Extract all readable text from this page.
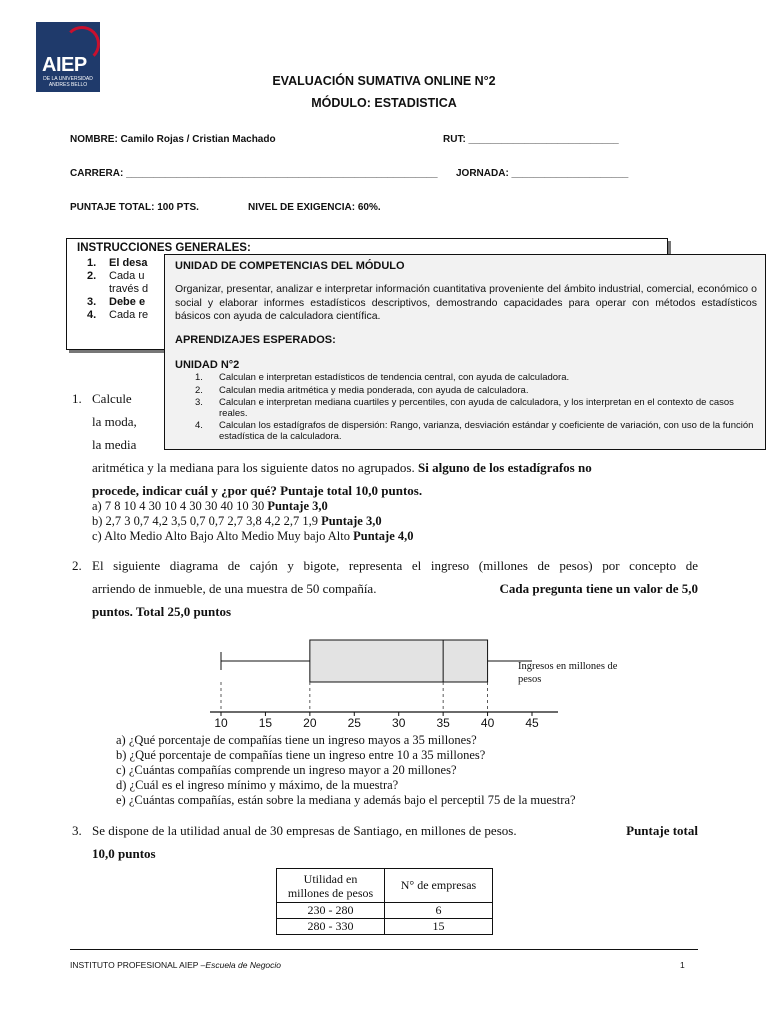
AIEP
DE LA UNIVERSIDAD ANDRES BELLO	EVALUACIÓN SUMATIVA ONLINE N°2
MÓDULO: ESTADISTICA
NOMBRE: Camilo Rojas / Cristian Machado	RUT: ___________________________
CARRERA: ________________________________________________________ JORNADA: _____________________
PUNTAJE TOTAL: 100 PTS.	NIVEL DE EXIGENCIA: 60%.
INSTRUCCIONES GENERALES:
1. El desa
2. Cada u
través d
3. Debe e
4. Cada re
1. Calcule
la moda,
la media
UNIDAD DE COMPETENCIAS DEL MÓDULO
Organizar, presentar, analizar e interpretar información cuantitativa proveniente del ámbito industrial, comercial, económico o social y elaborar informes estadísticos descriptivos, demostrando capacidades para operar con métodos estadísticos básicos con ayuda de calculadora científica.
APRENDIZAJES ESPERADOS:
UNIDAD N°2
1. Calculan e interpretan estadísticos de tendencia central, con ayuda de calculadora.
2. Calculan media aritmética y media ponderada, con ayuda de calculadora.
3. Calculan e interpretan mediana cuartiles y percentiles, con ayuda de calculadora, y los interpretan en el contexto de casos reales.
4. Calculan los estadígrafos de dispersión: Rango, varianza, desviación estándar y coeficiente de variación, con uso de la función estadística de la calculadora.
aritmética y la mediana para los siguiente datos no agrupados. Si alguno de los estadígrafos no
procede, indicar cuál y ¿por qué? Puntaje total 10,0 puntos.
a) 7 8 10 4 30 10 4 30 30 40 10 30 Puntaje 3,0
b) 2,7 3 0,7 4,2 3,5 0,7 0,7 2,7 3,8 4,2 2,7 1,9 Puntaje 3,0
c) Alto Medio Alto Bajo Alto Medio Muy bajo Alto Puntaje 4,0
2. El siguiente diagrama de cajón y bigote, representa el ingreso (millones de pesos) por concepto de
arriendo de inmueble, de una muestra de 50 compañía.	Cada pregunta tiene un valor de 5,0
puntos. Total 25,0 puntos
10	15	20	25	30	35	40	45
Ingresos en millones de
pesos
a) ¿Qué porcentaje de compañías tiene un ingreso mayos a 35 millones?
b) ¿Qué porcentaje de compañías tiene un ingreso entre 10 a 35 millones?
c) ¿Cuántas compañías comprende un ingreso mayor a 20 millones?
d) ¿Cuál es el ingreso mínimo y máximo, de la muestra?
e) ¿Cuántas compañías, están sobre la mediana y además bajo el perceptil 75 de la muestra?
3. Se dispone de la utilidad anual de 30 empresas de Santiago, en millones de pesos.	Puntaje total
10,0 puntos
Utilidad en millones de pesos	N° de empresas
230 - 280	6
280 - 330	15
INSTITUTO PROFESIONAL AIEP –Escuela de Negocio	1
